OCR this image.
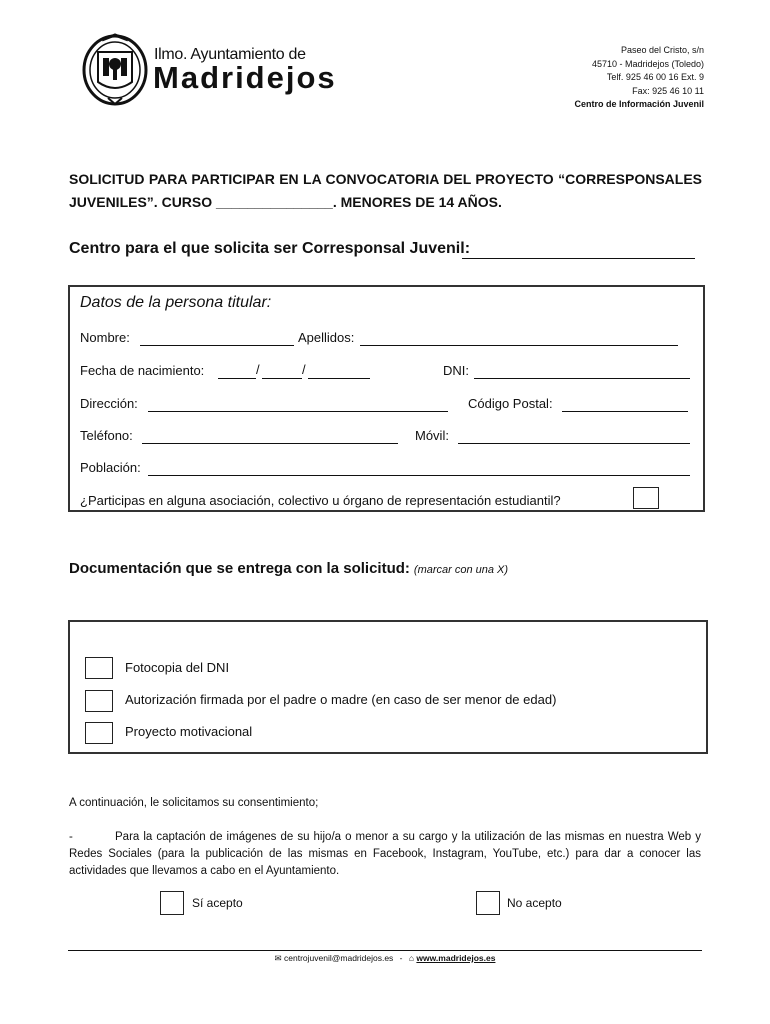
Ilmo. Ayuntamiento de
Madridejos
Paseo del Cristo, s/n
45710 - Madridejos (Toledo)
Telf. 925 46 00 16 Ext. 9
Fax: 925 46 10 11
Centro de Información Juvenil
SOLICITUD PARA PARTICIPAR EN LA CONVOCATORIA DEL PROYECTO “CORRESPONSALES JUVENILES”. CURSO _______________. MENORES DE 14 AÑOS.
Centro para el que solicita ser Corresponsal Juvenil:
Datos de la persona titular:
Nombre:	Apellidos:
Fecha de nacimiento:	/	/	DNI:
Dirección:	Código Postal:
Teléfono:	Móvil:
Población:
¿Participas en alguna asociación, colectivo u órgano de representación estudiantil?
Documentación que se entrega con la solicitud: (marcar con una X)
Fotocopia del DNI
Autorización firmada por el padre o madre (en caso de ser menor de edad)
Proyecto motivacional
A continuación, le solicitamos su consentimiento;
-	Para la captación de imágenes de su hijo/a o menor a su cargo y la utilización de las mismas en nuestra Web y Redes Sociales (para la publicación de las mismas en Facebook, Instagram, YouTube, etc.) para dar a conocer las actividades que llevamos a cabo en el Ayuntamiento.
Sí acepto	No acepto
✉ centrojuvenil@madridejos.es - ⌂ www.madridejos.es
